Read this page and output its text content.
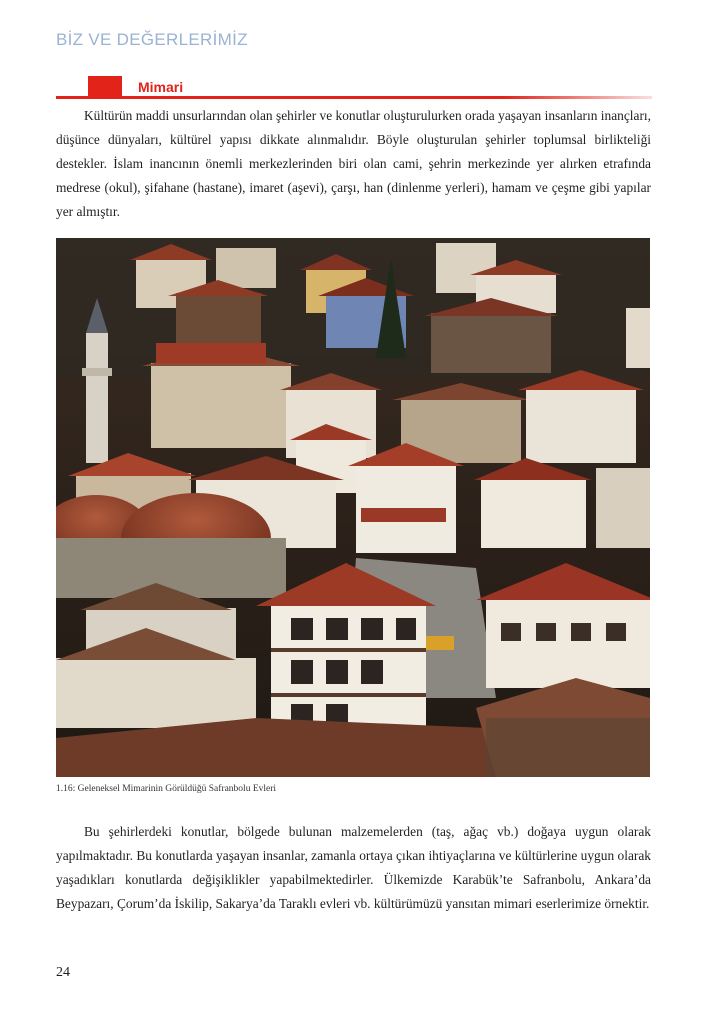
BİZ VE DEĞERLERİMİZ
Mimari

Kültürün maddi unsurlarından olan şehirler ve konutlar oluşturulurken orada yaşayan insanların inançları, düşünce dünyaları, kültürel yapısı dikkate alınmalıdır. Böyle oluşturulan şehirler toplumsal birlikteliği destekler. İslam inancının önemli merkezlerinden biri olan cami, şehrin merkezinde yer alırken etrafında medrese (okul), şifahane (hastane), imaret (aşevi), çarşı, han (dinlenme yerleri), hamam ve çeşme gibi yapılar yer almıştır.

1.16: Geleneksel Mimarinin Görüldüğü Safranbolu Evleri

Bu şehirlerdeki konutlar, bölgede bulunan malzemelerden (taş, ağaç vb.) doğaya uygun olarak yapılmaktadır. Bu konutlarda yaşayan insanlar, zamanla ortaya çıkan ihtiyaçlarına ve kültürlerine uygun olarak yaşadıkları konutlarda değişiklikler yapabilmektedirler. Ülkemizde Karabük’te Safranbolu, Ankara’da Beypazarı, Çorum’da İskilip, Sakarya’da Taraklı evleri vb. kültürümüzü yansıtan mimari eserlerimize örnektir.

24
